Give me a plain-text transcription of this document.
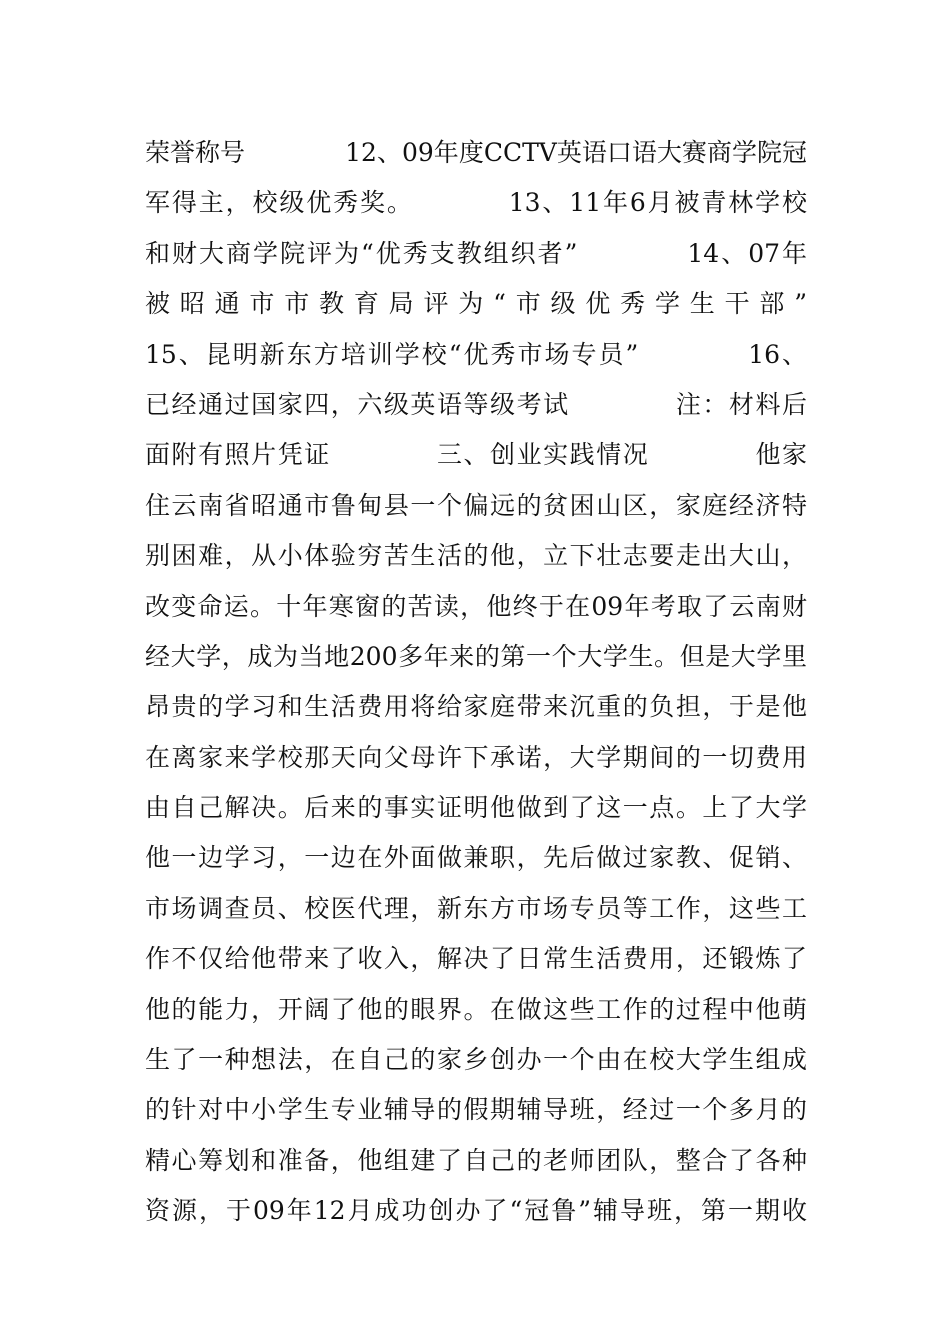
荣誉称号　　　　12、09年度CCTV英语口语大赛商学院冠
军得主，校级优秀奖。　　　　13、11年6月被青林学校
和财大商学院评为“优秀支教组织者”　　　　14、07年
被昭通市市教育局评为“市级优秀学生干部”
15、昆明新东方培训学校“优秀市场专员”　　　　16、
已经通过国家四，六级英语等级考试　　　　注：材料后
面附有照片凭证　　　　三、创业实践情况　　　　他家
住云南省昭通市鲁甸县一个偏远的贫困山区，家庭经济特
别困难，从小体验穷苦生活的他，立下壮志要走出大山，
改变命运。十年寒窗的苦读，他终于在09年考取了云南财
经大学，成为当地200多年来的第一个大学生。但是大学里
昂贵的学习和生活费用将给家庭带来沉重的负担，于是他
在离家来学校那天向父母许下承诺，大学期间的一切费用
由自己解决。后来的事实证明他做到了这一点。上了大学
他一边学习，一边在外面做兼职，先后做过家教、促销、
市场调查员、校医代理，新东方市场专员等工作，这些工
作不仅给他带来了收入，解决了日常生活费用，还锻炼了
他的能力，开阔了他的眼界。在做这些工作的过程中他萌
生了一种想法，在自己的家乡创办一个由在校大学生组成
的针对中小学生专业辅导的假期辅导班，经过一个多月的
精心筹划和准备，他组建了自己的老师团队，整合了各种
资源，于09年12月成功创办了“冠鲁”辅导班，第一期收
